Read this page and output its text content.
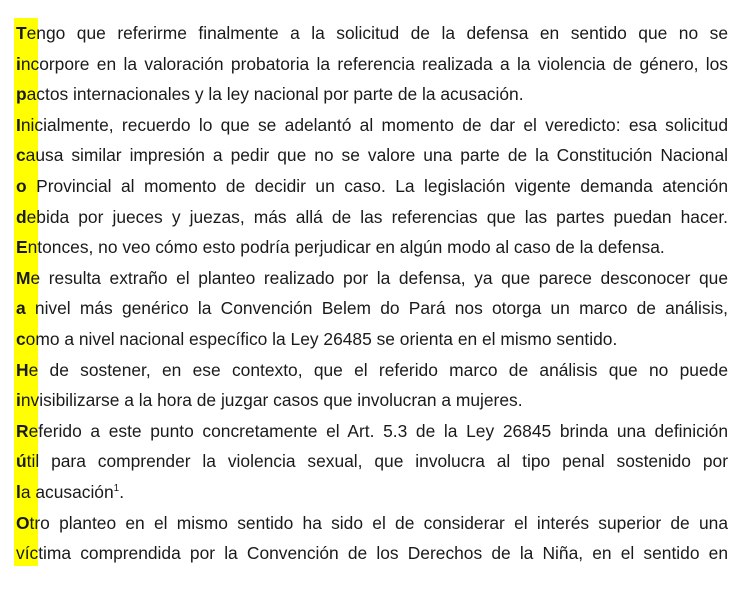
Tengo que referirme finalmente a la solicitud de la defensa en sentido que no se
incorpore en la valoración probatoria la referencia realizada a la violencia de género, los
pactos internacionales y la ley nacional por parte de la acusación.
Inicialmente, recuerdo lo que se adelantó al momento de dar el veredicto: esa solicitud
causa similar impresión a pedir que no se valore una parte de la Constitución Nacional
o Provincial al momento de decidir un caso. La legislación vigente demanda atención
debida por jueces y juezas, más allá de las referencias que las partes puedan hacer.
Entonces, no veo cómo esto podría perjudicar en algún modo al caso de la defensa.
Me resulta extraño el planteo realizado por la defensa, ya que parece desconocer que
a nivel más genérico la Convención Belem do Pará nos otorga un marco de análisis,
como a nivel nacional específico la Ley 26485 se orienta en el mismo sentido.
He de sostener, en ese contexto, que el referido marco de análisis que no puede
invisibilizarse a la hora de juzgar casos que involucran a mujeres.
Referido a este punto concretamente el Art. 5.3 de la Ley 26845 brinda una definición
útil para comprender la violencia sexual, que involucra al tipo penal sostenido por
la acusación$^1$.
Otro planteo en el mismo sentido ha sido el de considerar el interés superior de una
víctima comprendida por la Convención de los Derechos de la Niña, en el sentido en
